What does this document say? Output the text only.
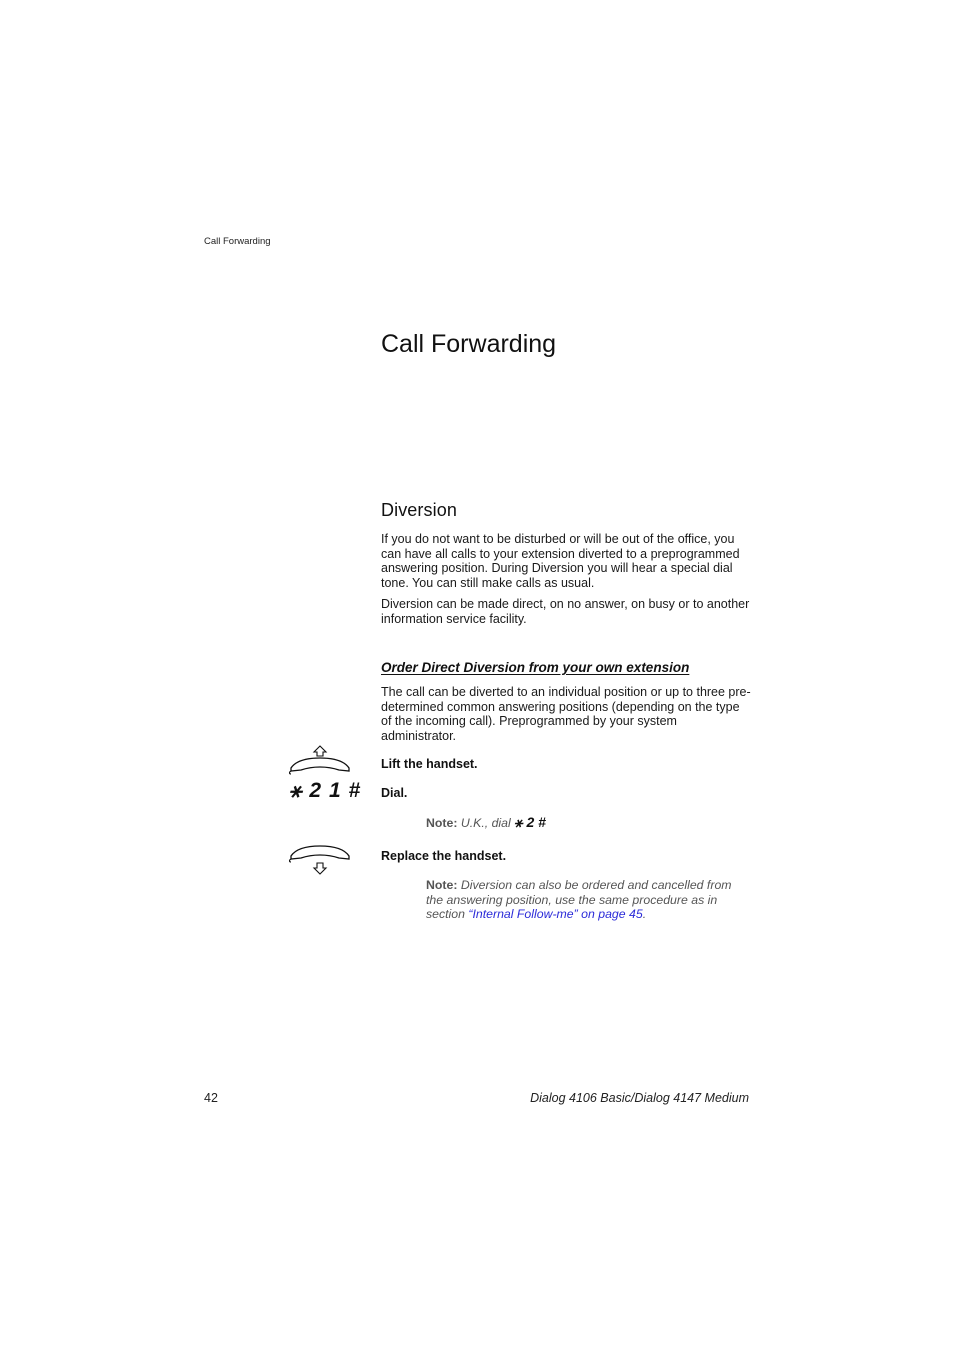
Call Forwarding
Call Forwarding
Diversion

If you do not want to be disturbed or will be out of the office, you can have all calls to your extension diverted to a preprogrammed answering position. During Diversion you will hear a special dial tone. You can still make calls as usual.

Diversion can be made direct, on no answer, on busy or to another information service facility.

Order Direct Diversion from your own extension

The call can be diverted to an individual position or up to three pre-determined common answering positions (depending on the type of the incoming call). Preprogrammed by your system administrator.

Lift the handset.
⚹ 2 1 # Dial.

Note: U.K., dial ⚹ 2 #

Replace the handset.

Note: Diversion can also be ordered and cancelled from the answering position, use the same procedure as in section “Internal Follow-me” on page 45.

42	Dialog 4106 Basic/Dialog 4147 Medium
